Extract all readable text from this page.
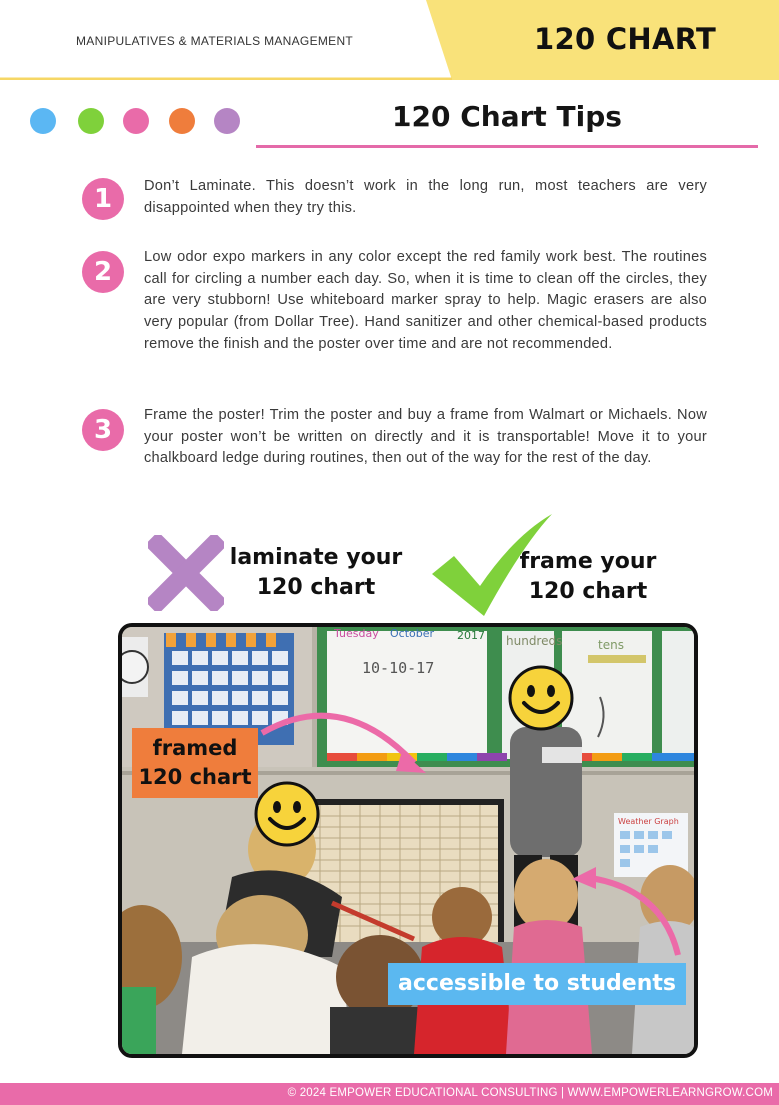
MANIPULATIVES & MATERIALS MANAGEMENT	120 CHART
120 Chart Tips
1	Don’t Laminate. This doesn’t work in the long run, most teachers are very disappointed when they try this.
2	Low odor expo markers in any color except the red family work best. The routines call for circling a number each day. So, when it is time to clean off the circles, they are very stubborn! Use whiteboard marker spray to help. Magic erasers are also very popular (from Dollar Tree). Hand sanitizer and other chemical-based products remove the finish and the poster over time and are not recommended.
3	Frame the poster! Trim the poster and buy a frame from Walmart or Michaels. Now your poster won’t be written on directly and it is transportable! Move it to your chalkboard ledge during routines, then out of the way for the rest of the day.
laminate your
120 chart
frame your
120 chart
Tuesday October 2017
10-10-17
hundreds	tens
Weather Graph
framed
120 chart
accessible to students
© 2024 EMPOWER EDUCATIONAL CONSULTING | WWW.EMPOWERLEARNGROW.COM
